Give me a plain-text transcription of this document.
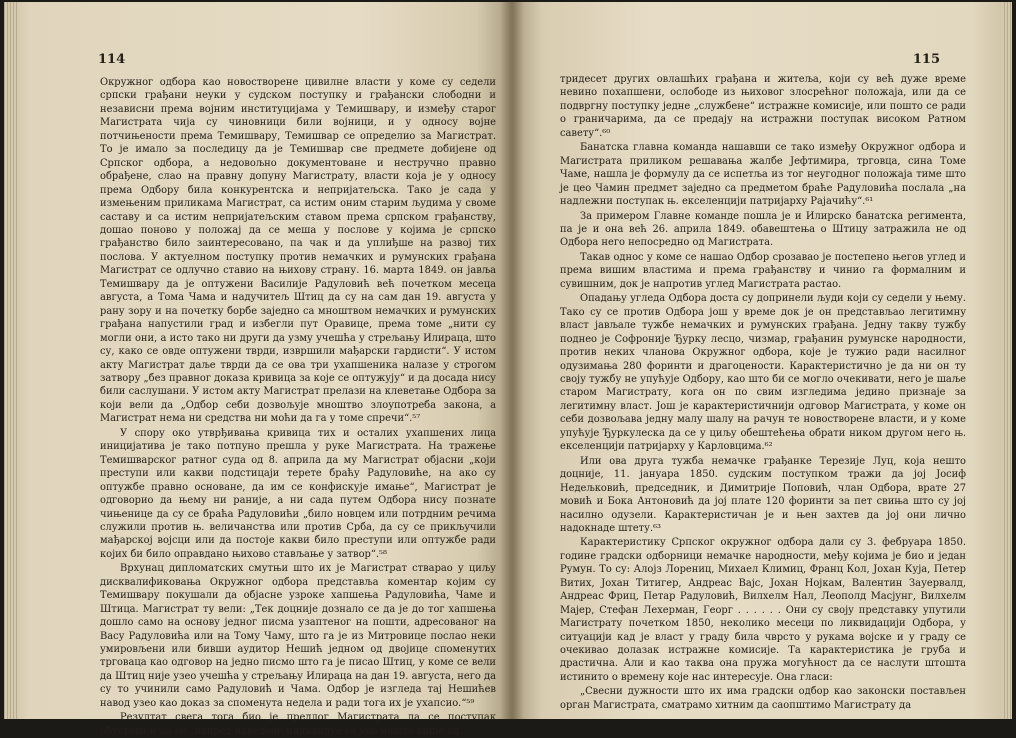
114

Окружног одбора као новостворене цивилне власти у коме су седели српски грађани неуки у судском поступку и грађански слободни и независни према војним институцијама у Темишвару, и између старог Магистрата чија су чиновници били војници, и у односу војне потчињености према Темишвару, Темишвар се определио за Магистрат. То је имало за последицу да је Темишвар све предмете добијене од Српског одбора, а недовољно документоване и нестручно правно обрађене, слао на правну допуну Магистрату, власти која је у односу према Одбору била конкурентска и непријатељска. Тако је сада у измењеним приликама Магистрат, са истим оним старим људима у своме саставу и са истим непријатељским ставом према српском грађанству, дошао поново у положај да се меша у послове у којима је српско грађанство било заинтересовано, па чак и да уплиђше на развој тих послова. У актуелном поступку против немачких и румунских грађана Магистрат се одлучно ставио на њихову страну. 16. марта 1849. он јавља Темишвару да је оптужени Василије Радуловић већ почетком месеца августа, а Тома Чама и надучитељ Штиц да су на сам дан 19. августа у рану зору и на почетку борбе заједно са мноштвом немачких и румунских грађана напустили град и избегли пут Оравице, према томе „нити су могли они, а исто тако ни други да узму учешћа у стрељању Илираца, што су, како се овде оптужени тврди, извршили мађарски гардисти“. У истом акту Магистрат даље тврди да се ова три ухапшеника налазе у строгом затвору „без правног доказа кривица за које се оптужују“ и да досада нису били саслушани. У истом акту Магистрат прелази на клеветање Одбора за који вели да „Одбор себи дозвољује мноштво злоупотреба закона, а Магистрат нема ни средства ни моћи да га у томе спречи“.⁵⁷

У спору око утврђивања кривица тих и осталих ухапшених лица иницијатива је тако потпуно прешла у руке Магистрата. На тражење Темишварског ратног суда од 8. априла да му Магистрат објасни „који преступи или какви подстицаји терете браћу Радуловиће, на ако су оптужбе правно основане, да им се конфискује имање“, Магистрат је одговорио да њему ни раније, а ни сада путем Одбора нису познате чињенице да су се браћа Радуловићи „било новцем или потрдним речима служили против њ. величанства или против Срба, да су се прикључили мађарској војсци или да постоје какви било преступи или оптужбе ради којих би било оправдано њихово стављање у затвор“.⁵⁸

Врхунац дипломатских смутњи што их је Магистрат стварао у циљу дисквалификовања Окружног одбора представља коментар којим су Темишвару покушали да објасне узроке хапшења Радуловића, Чаме и Штица. Магистрат ту вели: „Тек доцније дознало се да је до тог хапшења дошло само на основу једног писма узаптеног на пошти, адресованог на Васу Радуловића или на Тому Чаму, што га је из Митровице послао неки умировљени или бивши аудитор Нешић једном од двојице споменутих трговаца као одговор на једно писмо што га је писао Штиц, у коме се вели да Штиц није узео учешћа у стрељању Илираца на дан 19. августа, него да су то учинили само Радуловић и Чама. Одбор је изгледа тај Нешићев навод узео као доказ за споменута недела и ради тога их је ухапсио.“⁵⁹

Резултат свега тога био је предлог Магистрата да се поступак обустави и да се „напред наведене индивидуе са још нешто више од

115

тридесет других овлашћих грађана и житеља, који су већ дуже време невино похапшени, ослободе из њиховог злосрећног положаја, или да се подвргну поступку једне „службене“ истражне комисије, или пошто се ради о граничарима, да се предају на истражни поступак високом Ратном савету“.⁶⁰

Банатска главна команда нашавши се тако између Окружног одбора и Магистрата приликом решавања жалбе Јефтимира, трговца, сина Томе Чаме, нашла је формулу да се испетља из тог неугодног положаја тиме што је цео Чамин предмет заједно са предметом браће Радуловића послала „на надлежни поступак њ. екселенцији патријарху Рајачићу“.⁶¹

За примером Главне команде пошла је и Илирско банатска регимента, па је и она већ 26. априла 1849. обавештења о Штицу затражила не од Одбора него непосредно од Магистрата.

Такав однос у коме се нашао Одбор срозавао је постепено његов углед и према вишим властима и према грађанству и чинио га формалним и сувишним, док је напротив углед Магистрата растао.

Опадању угледа Одбора доста су допринели људи који су седели у њему. Тако су се против Одбора још у време док је он представљао легитимну власт јављале тужбе немачких и румунских грађана. Једну такву тужбу поднео је Софроније Ђурку лесцо, чизмар, грађанин румунске народности, против неких чланова Окружног одбора, које је тужио ради насилног одузимања 280 форинти и драгоцености. Карактеристично је да ни он ту своју тужбу не упућује Одбору, као што би се могло очекивати, него је шаље старом Магистрату, кога он по свим изгледима једино признаје за легитимну власт. Још је карактеристичнији одговор Магистрата, у коме он себи дозвољава једну малу шалу на рачун те новостворене власти, и у коме упућује Ђуркулеска да се у циљу обештећења обрати ником другом него њ. екселенцији патријарху у Карловцима.⁶²

Или ова друга тужба немачке грађанке Терезије Луц, која нешто доцније, 11. јануара 1850. судским поступком тражи да јој Јосиф Недељковић, председник, и Димитрије Поповић, члан Одбора, врате 27 мовић и Бока Антоновић да јој плате 120 форинти за пет свиња што су јој насилно одузели. Карактеристичан је и њен захтев да јој они лично надокнаде штету.⁶³

Карактеристику Српског окружног одбора дали су 3. фебруара 1850. године градски одборници немачке народности, међу којима је био и један Румун. То су: Алојз Лорениц, Михаел Климиц, Франц Кол, Јохан Куја, Петер Витих, Јохан Титигер, Андреас Вајс, Јохан Нојкам, Валентин Зауервалд, Андреас Фриц, Петар Радуловић, Вилхелм Нал, Леополд Масјунг, Вилхелм Мајер, Стефан Лехерман, Георг . . . . . . Они су своју представку упутили Магистрату почетком 1850, неколико месеци по ликвидацији Одбора, у ситуацији кад је власт у граду била чврсто у рукама војске и у граду се очекивао долазак истражне комисије. Та карактеристика је груба и драстична. Али и као таква она пружа могућност да се наслути штошта истинито о времену које нас интересује. Она гласи:

„Свесни дужности што их има градски одбор као законски постављен орган Магистрата, сматрамо хитним да саопштимо Магистрату да
